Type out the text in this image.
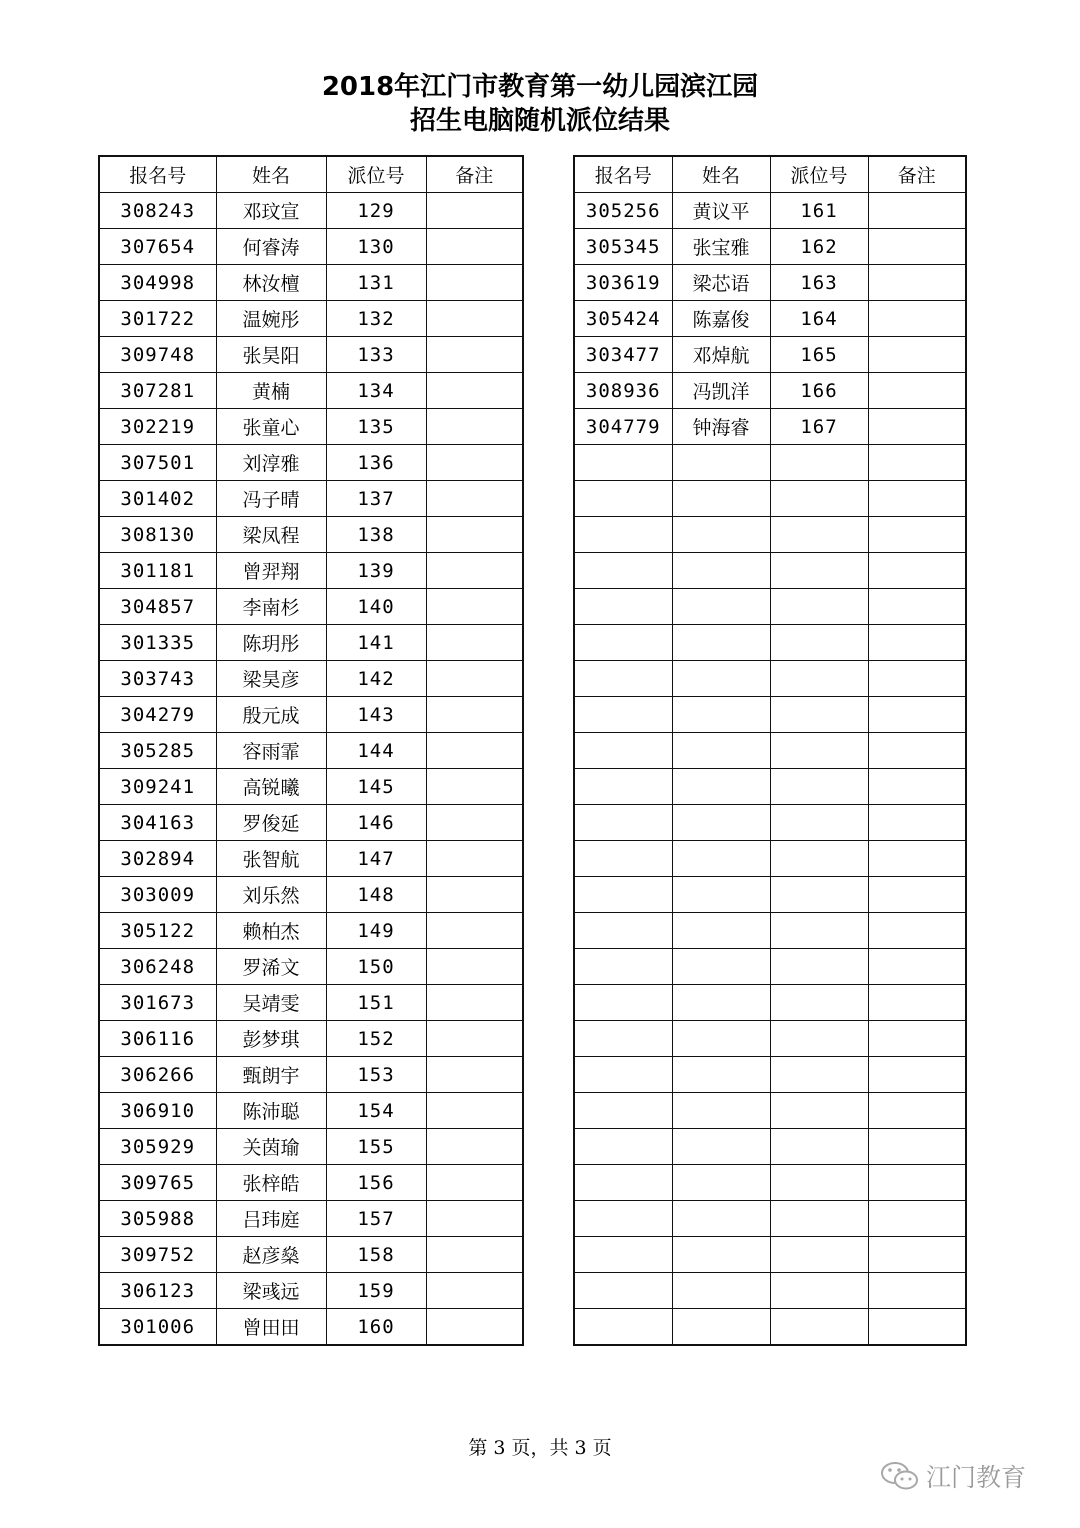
2018年江门市教育第一幼儿园滨江园
招生电脑随机派位结果
报名号	姓名	派位号	备注
308243	邓玟宣	129	
307654	何睿涛	130	
304998	林汝檀	131	
301722	温婉彤	132	
309748	张昊阳	133	
307281	黄楠	134	
302219	张童心	135	
307501	刘淳雅	136	
301402	冯子晴	137	
308130	梁凤程	138	
301181	曾羿翔	139	
304857	李南杉	140	
301335	陈玥彤	141	
303743	梁昊彦	142	
304279	殷元成	143	
305285	容雨霏	144	
309241	高锐曦	145	
304163	罗俊延	146	
302894	张智航	147	
303009	刘乐然	148	
305122	赖柏杰	149	
306248	罗浠文	150	
301673	吴靖雯	151	
306116	彭梦琪	152	
306266	甄朗宇	153	
306910	陈沛聪	154	
305929	关茵瑜	155	
309765	张梓皓	156	
305988	吕玮庭	157	
309752	赵彦燊	158	
306123	梁彧远	159	
301006	曾田田	160	
报名号	姓名	派位号	备注
305256	黄议平	161	
305345	张宝雅	162	
303619	梁芯语	163	
305424	陈嘉俊	164	
303477	邓焯航	165	
308936	冯凯洋	166	
304779	钟海睿	167	

第 3 页，共 3 页
江门教育
